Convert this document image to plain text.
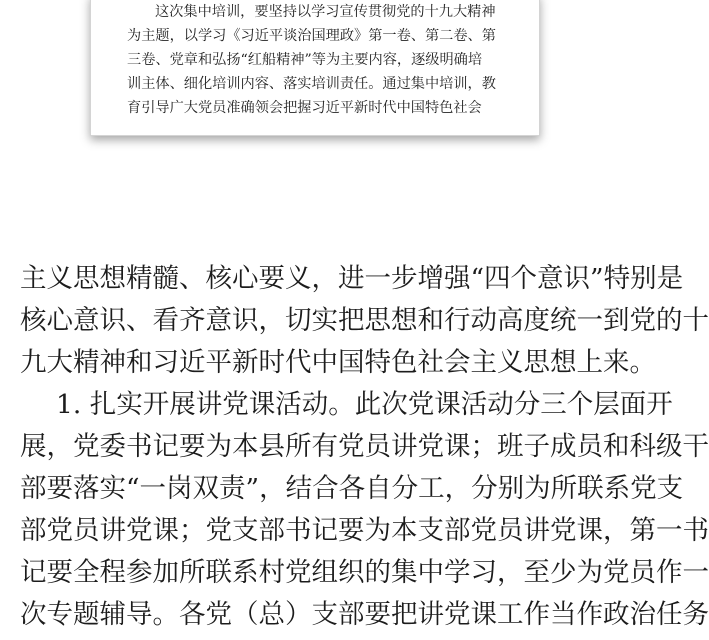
这次集中培训，要坚持以学习宣传贯彻党的十九大精神
为主题，以学习《习近平谈治国理政》第一卷、第二卷、第
三卷、党章和弘扬“红船精神”等为主要内容，逐级明确培
训主体、细化培训内容、落实培训责任。通过集中培训，教
育引导广大党员准确领会把握习近平新时代中国特色社会
主义思想精髓、核心要义，进一步增强“四个意识”特别是
核心意识、看齐意识，切实把思想和行动高度统一到党的十
九大精神和习近平新时代中国特色社会主义思想上来。
1. 扎实开展讲党课活动。此次党课活动分三个层面开
展，党委书记要为本县所有党员讲党课；班子成员和科级干
部要落实“一岗双责”，结合各自分工，分别为所联系党支
部党员讲党课；党支部书记要为本支部党员讲党课，第一书
记要全程参加所联系村党组织的集中学习，至少为党员作一
次专题辅导。各党（总）支部要把讲党课工作当作政治任务
